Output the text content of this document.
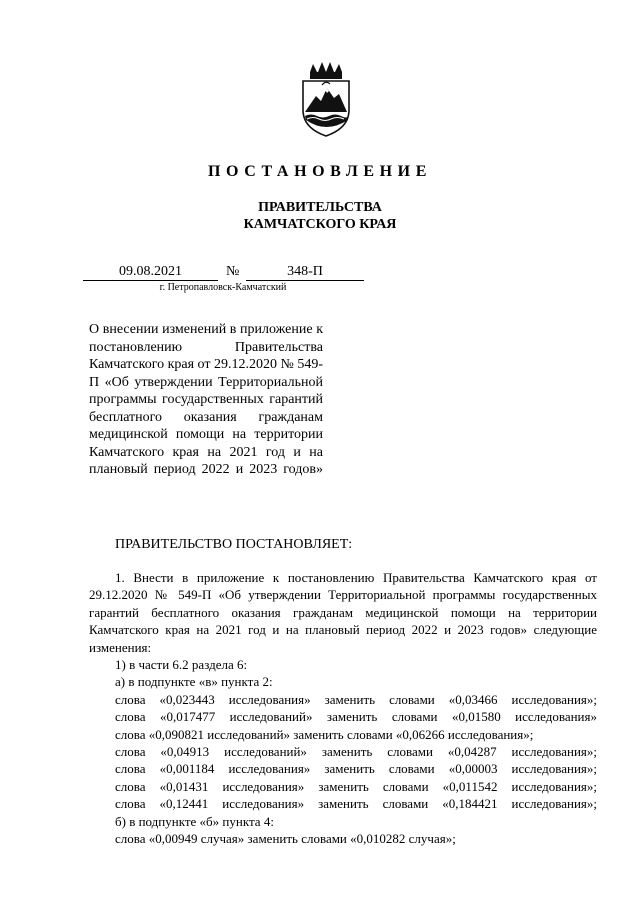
ПОСТАНОВЛЕНИЕ
ПРАВИТЕЛЬСТВА
КАМЧАТСКОГО КРАЯ
09.08.2021	№	348-П
г. Петропавловск-Камчатский
О внесении изменений в приложение к постановлению Правительства Камчатского края от 29.12.2020 № 549-П «Об утверждении Территориальной программы государственных гарантий бесплатного оказания гражданам медицинской помощи на территории Камчатского края на 2021 год и на плановый период 2022 и 2023 годов»
ПРАВИТЕЛЬСТВО ПОСТАНОВЛЯЕТ:

1. Внести в приложение к постановлению Правительства Камчатского края от 29.12.2020 № 549-П «Об утверждении Территориальной программы государственных гарантий бесплатного оказания гражданам медицинской помощи на территории Камчатского края на 2021 год и на плановый период 2022 и 2023 годов» следующие изменения:

1) в части 6.2 раздела 6:

а) в подпункте «в» пункта 2:

слова «0,023443 исследования» заменить словами «0,03466 исследования»;

слова «0,017477 исследований» заменить словами «0,01580 исследования»

слова «0,090821 исследований» заменить словами «0,06266 исследования»;

слова «0,04913 исследований» заменить словами «0,04287 исследования»;

слова «0,001184 исследования» заменить словами «0,00003 исследования»;

слова «0,01431 исследования» заменить словами «0,011542 исследования»;

слова «0,12441 исследования» заменить словами «0,184421 исследования»;

б) в подпункте «б» пункта 4:

слова «0,00949 случая» заменить словами «0,010282 случая»;
